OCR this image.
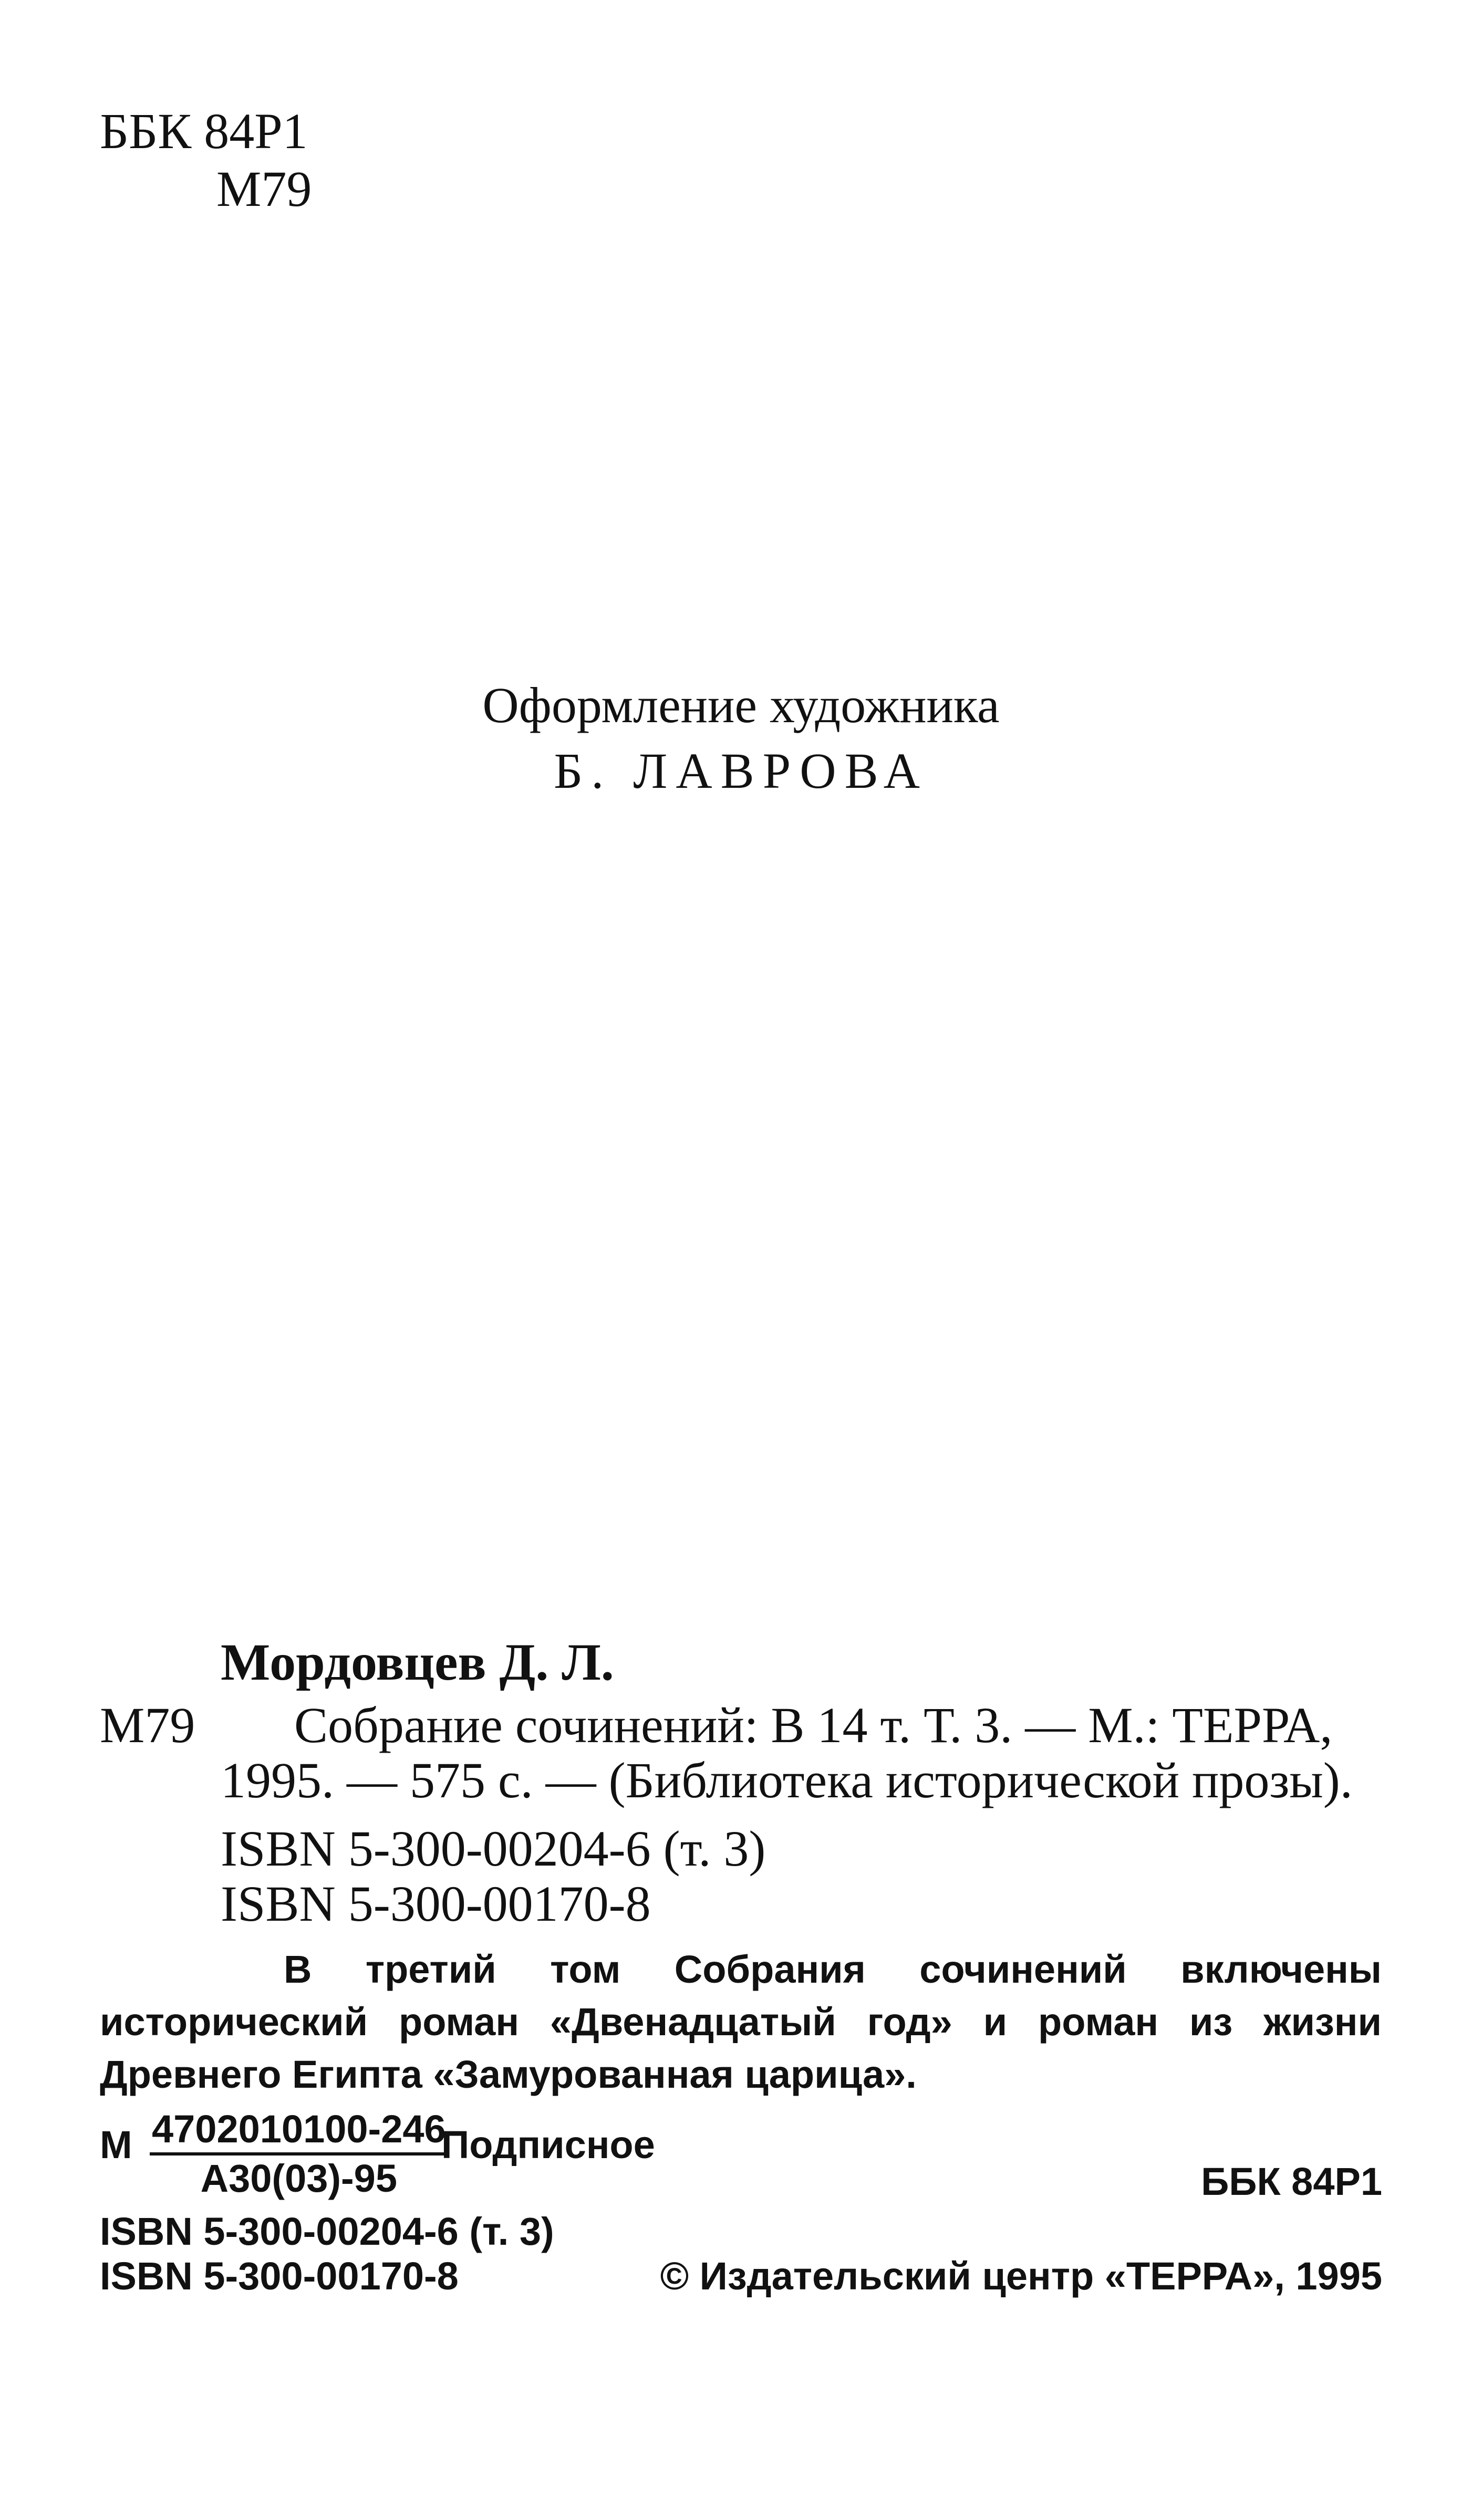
ББК 84Р1
М79
Оформление художника
Б. ЛАВРОВА
Мордовцев Д. Л.
М79 Собрание сочинений: В 14 т. Т. 3. — М.: ТЕРРА,
1995. — 575 с. — (Библиотека исторической прозы).
ISBN 5-300-00204-6 (т. 3)
ISBN 5-300-00170-8
В третий том Собрания сочинений включены исторический роман «Двенадцатый год» и роман из жизни Древнего Египта «Замурованная царица».
М 4702010100-246
А30(03)-95
Подписное
ББК 84Р1
ISBN 5-300-00204-6 (т. 3)
ISBN 5-300-00170-8	© Издательский центр «ТЕРРА», 1995
